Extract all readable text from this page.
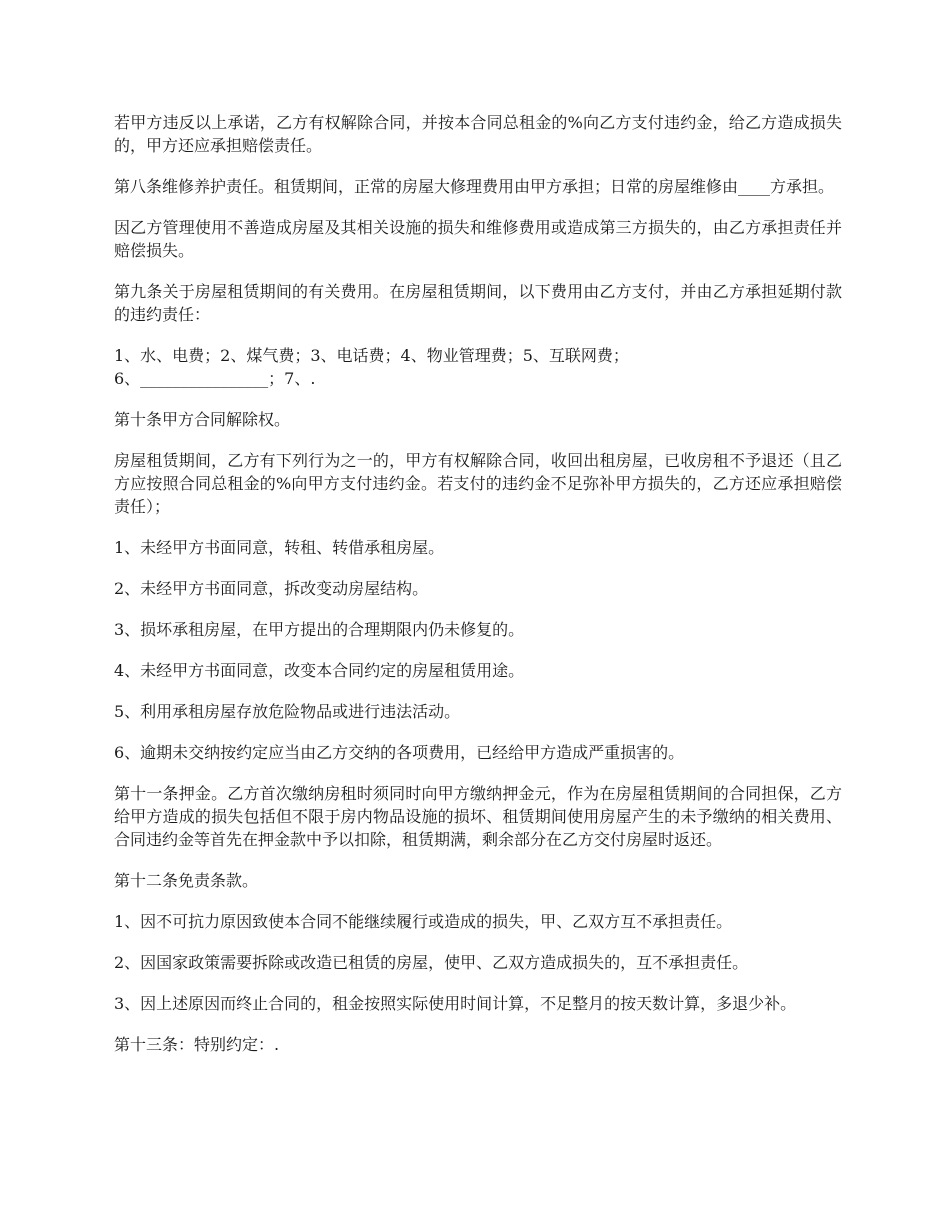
若甲方违反以上承诺，乙方有权解除合同，并按本合同总租金的%向乙方支付违约金，给乙方造成损失的，甲方还应承担赔偿责任。

第八条维修养护责任。租赁期间，正常的房屋大修理费用由甲方承担；日常的房屋维修由____方承担。

因乙方管理使用不善造成房屋及其相关设施的损失和维修费用或造成第三方损失的，由乙方承担责任并赔偿损失。

第九条关于房屋租赁期间的有关费用。在房屋租赁期间，以下费用由乙方支付，并由乙方承担延期付款的违约责任：

1、水、电费；2、煤气费；3、电话费；4、物业管理费；5、互联网费；
6、________________；7、.

第十条甲方合同解除权。

房屋租赁期间，乙方有下列行为之一的，甲方有权解除合同，收回出租房屋，已收房租不予退还（且乙方应按照合同总租金的%向甲方支付违约金。若支付的违约金不足弥补甲方损失的，乙方还应承担赔偿责任）；

1、未经甲方书面同意，转租、转借承租房屋。

2、未经甲方书面同意，拆改变动房屋结构。

3、损坏承租房屋，在甲方提出的合理期限内仍未修复的。

4、未经甲方书面同意，改变本合同约定的房屋租赁用途。

5、利用承租房屋存放危险物品或进行违法活动。

6、逾期未交纳按约定应当由乙方交纳的各项费用，已经给甲方造成严重损害的。

第十一条押金。乙方首次缴纳房租时须同时向甲方缴纳押金元，作为在房屋租赁期间的合同担保，乙方给甲方造成的损失包括但不限于房内物品设施的损坏、租赁期间使用房屋产生的未予缴纳的相关费用、合同违约金等首先在押金款中予以扣除，租赁期满，剩余部分在乙方交付房屋时返还。

第十二条免责条款。

1、因不可抗力原因致使本合同不能继续履行或造成的损失，甲、乙双方互不承担责任。

2、因国家政策需要拆除或改造已租赁的房屋，使甲、乙双方造成损失的，互不承担责任。

3、因上述原因而终止合同的，租金按照实际使用时间计算，不足整月的按天数计算，多退少补。

第十三条：特别约定：.
